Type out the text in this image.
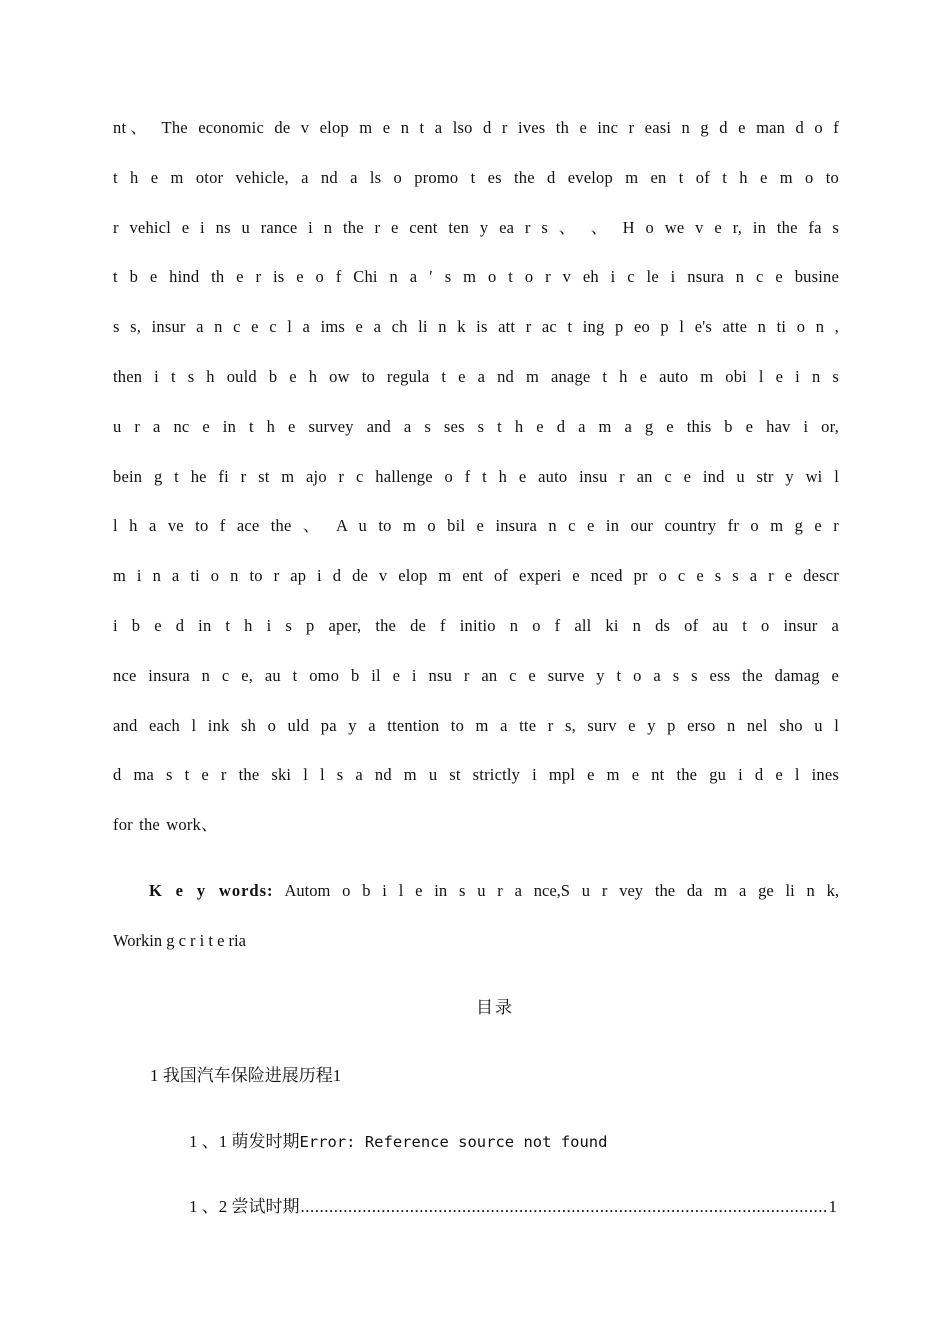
nt、 The economic de v elop m e n t a lso d r ives th e inc r easi n g d e man d o f
t h e m otor vehicle, a nd a ls o promo t es the d evelop m en t of t h e m o to
r vehicl e i ns u rance i n the r e cent ten y ea r s 、 、 H o we v e r, in the fa s
t b e hind th e r is e o f Chi n a ′ s m o t o r v eh i c le i nsura n c e busine
s s, insur a n c e c l a ims e a ch li n k is att r ac t ing p eo p l e's atte n ti o n ,
then i t s h ould b e h ow to regula t e a nd m anage t h e auto m obi l e i n s
u r a nc e in t h e survey and a s ses s t h e d a m a g e this b e hav i or,
bein g t he fi r st m ajo r c hallenge o f t h e auto insu r an c e ind u str y wi l
l h a ve to f ace the 、 A u to m o bil e insura n c e in our country fr o m g e r
m i n a ti o n to r ap i d de v elop m ent of experi e nced pr o c e s s a r e descr
i b e d in t h i s p aper, the de f initio n o f all ki n ds of au t o insur a
nce insura n c e, au t omo b il e i nsu r an c e surve y t o a s s ess the damag e
and each l ink sh o uld pa y a ttention to m a tte r s, surv e y p erso n nel sho u l
d ma s t e r the ski l l s a nd m u st strictly i mpl e m e nt the gu i d e l ines
for the work、
K e y words: Autom o b i l e in s u r a nce,S u r vey the da m a ge li n k,
Workin g c r i t e ria
目录
1 我国汽车保险进展历程1
1 、1 萌发时期Error: Reference source not found
1 、2 尝试时期
.....	1
